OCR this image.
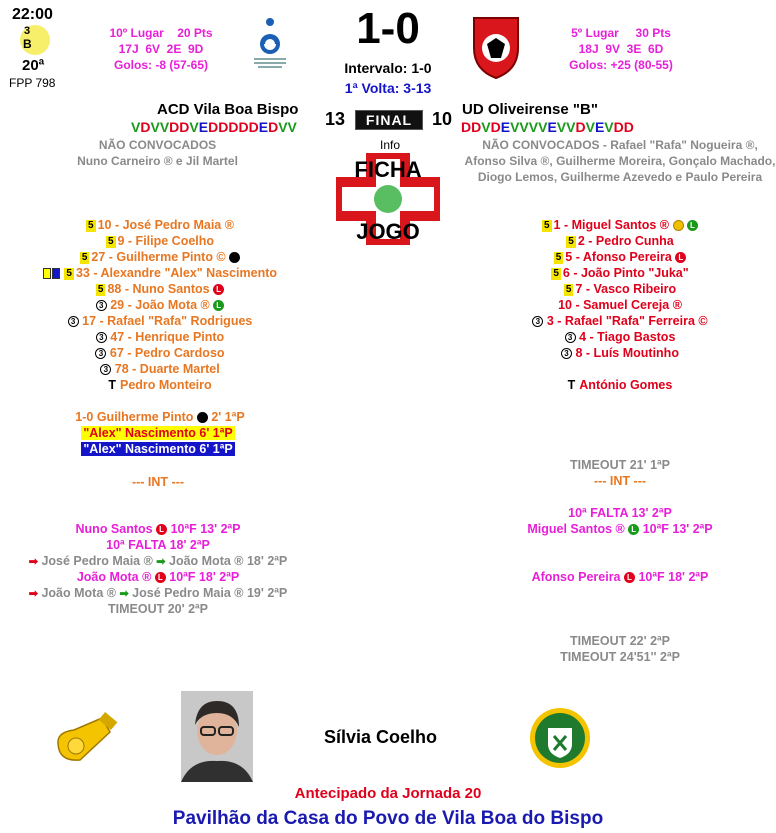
22:00
3
B
20ª
FPP 798
10º Lugar    20 Pts
17J  6V  2E  9D
Golos: -8 (57-65)
1-0
Intervalo: 1-0
1ª Volta: 3-13
5º Lugar     30 Pts
18J  9V  3E  6D
Golos: +25 (80-55)
ACD Vila Boa Bispo	UD Oliveirense "B"
VDVVDDVEDDDDDEDVV	DDVDEVVVVEVVDVEVDD
13	FINAL	10
Info
FICHA
JOGO
NÃO CONVOCADOS
Nuno Carneiro ® e Jil Martel
NÃO CONVOCADOS - Rafael "Rafa" Nogueira ®, Afonso Silva ®, Guilherme Moreira, Gonçalo Machado, Diogo Lemos, Guilherme Azevedo e Paulo Pereira
5 10 - José Pedro Maia ®
5 9 - Filipe Coelho
5 27 - Guilherme Pinto ©
5 33 - Alexandre "Alex" Nascimento
5 88 - Nuno Santos L
3 29 - João Mota ® L
3 17 - Rafael "Rafa" Rodrigues
3 47 - Henrique Pinto
3 67 - Pedro Cardoso
3 78 - Duarte Martel
T Pedro Monteiro
5 1 - Miguel Santos ®	L
5 2 - Pedro Cunha
5 5 - Afonso Pereira L
5 6 - João Pinto "Juka"
5 7 - Vasco Ribeiro
10 - Samuel Cereja ®
3 3 - Rafael "Rafa" Ferreira ©
3 4 - Tiago Bastos
3 8 - Luís Moutinho
T António Gomes
1-0 Guilherme Pinto 2' 1ªP
"Alex" Nascimento 6' 1ªP
"Alex" Nascimento 6' 1ªP
--- INT ---
TIMEOUT 21' 1ªP
--- INT ---
Nuno Santos L 10ªF 13' 2ªP
10ª FALTA 18' 2ªP
➡ José Pedro Maia ® ➡ João Mota ® 18' 2ªP
João Mota ® L 10ªF 18' 2ªP
➡ João Mota ® ➡ José Pedro Maia ® 19' 2ªP
TIMEOUT 20' 2ªP
10ª FALTA 13' 2ªP
Miguel Santos ® L 10ªF 13' 2ªP
Afonso Pereira L 10ªF 18' 2ªP
TIMEOUT 22' 2ªP
TIMEOUT 24'51'' 2ªP
Sílvia Coelho
Antecipado da Jornada 20
Pavilhão da Casa do Povo de Vila Boa do Bispo
